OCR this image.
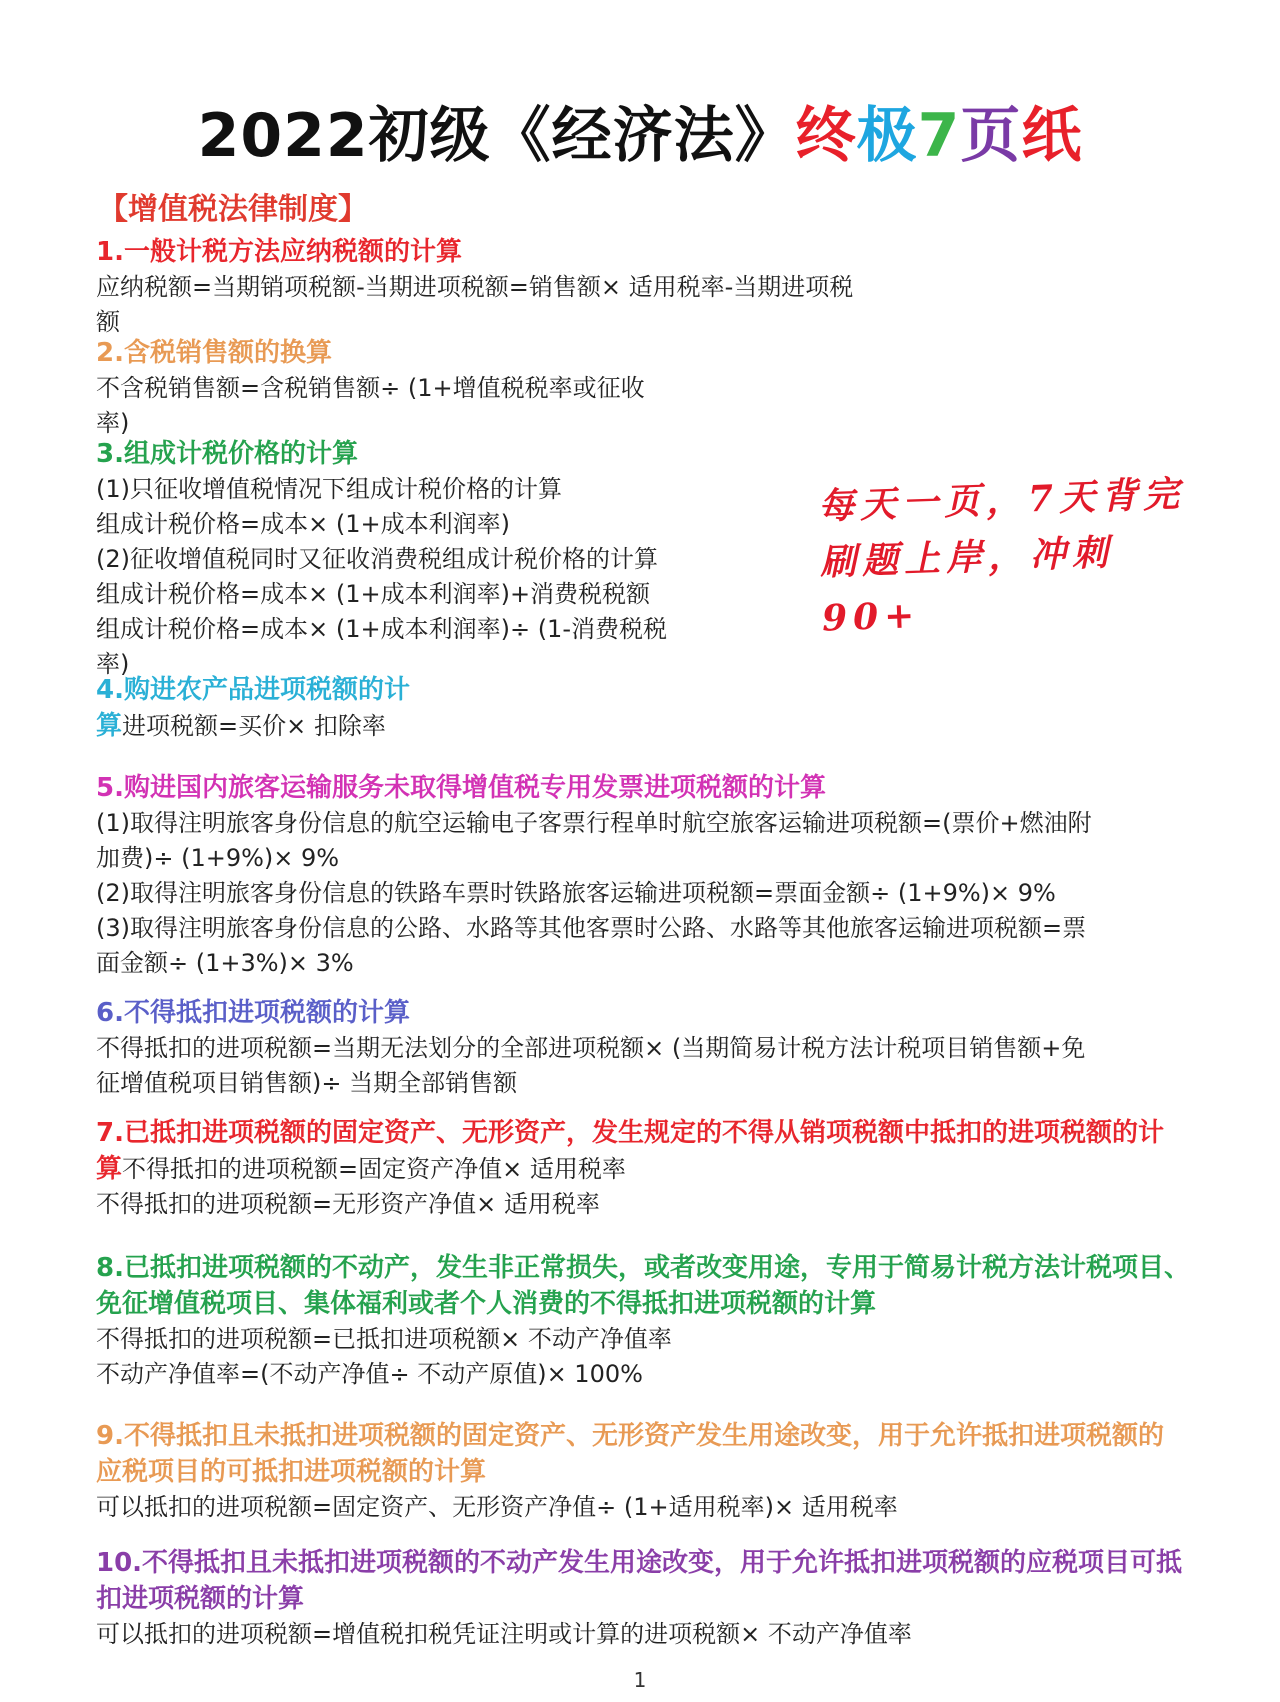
2022初级《经济法》终极7页纸
【增值税法律制度】
每天一页，7天背完
刷题上岸，冲刺90+
1.一般计税方法应纳税额的计算
应纳税额=当期销项税额-当期进项税额=销售额× 适用税率-当期进项税
额
2.含税销售额的换算
不含税销售额=含税销售额÷ (1+增值税税率或征收
率)
3.组成计税价格的计算
(1)只征收增值税情况下组成计税价格的计算
组成计税价格=成本× (1+成本利润率)
(2)征收增值税同时又征收消费税组成计税价格的计算
组成计税价格=成本× (1+成本利润率)+消费税税额
组成计税价格=成本× (1+成本利润率)÷ (1-消费税税
率)
4.购进农产品进项税额的计
算进项税额=买价× 扣除率
5.购进国内旅客运输服务未取得增值税专用发票进项税额的计算
(1)取得注明旅客身份信息的航空运输电子客票行程单时航空旅客运输进项税额=(票价+燃油附
加费)÷ (1+9%)× 9%
(2)取得注明旅客身份信息的铁路车票时铁路旅客运输进项税额=票面金额÷ (1+9%)× 9%
(3)取得注明旅客身份信息的公路、水路等其他客票时公路、水路等其他旅客运输进项税额=票
面金额÷ (1+3%)× 3%
6.不得抵扣进项税额的计算
不得抵扣的进项税额=当期无法划分的全部进项税额× (当期简易计税方法计税项目销售额+免
征增值税项目销售额)÷ 当期全部销售额
7.已抵扣进项税额的固定资产、无形资产，发生规定的不得从销项税额中抵扣的进项税额的计
算不得抵扣的进项税额=固定资产净值× 适用税率
不得抵扣的进项税额=无形资产净值× 适用税率
8.已抵扣进项税额的不动产，发生非正常损失，或者改变用途，专用于简易计税方法计税项目、
免征增值税项目、集体福利或者个人消费的不得抵扣进项税额的计算
不得抵扣的进项税额=已抵扣进项税额× 不动产净值率
不动产净值率=(不动产净值÷ 不动产原值)× 100%
9.不得抵扣且未抵扣进项税额的固定资产、无形资产发生用途改变，用于允许抵扣进项税额的
应税项目的可抵扣进项税额的计算
可以抵扣的进项税额=固定资产、无形资产净值÷ (1+适用税率)× 适用税率
10.不得抵扣且未抵扣进项税额的不动产发生用途改变，用于允许抵扣进项税额的应税项目可抵
扣进项税额的计算
可以抵扣的进项税额=增值税扣税凭证注明或计算的进项税额× 不动产净值率
1
